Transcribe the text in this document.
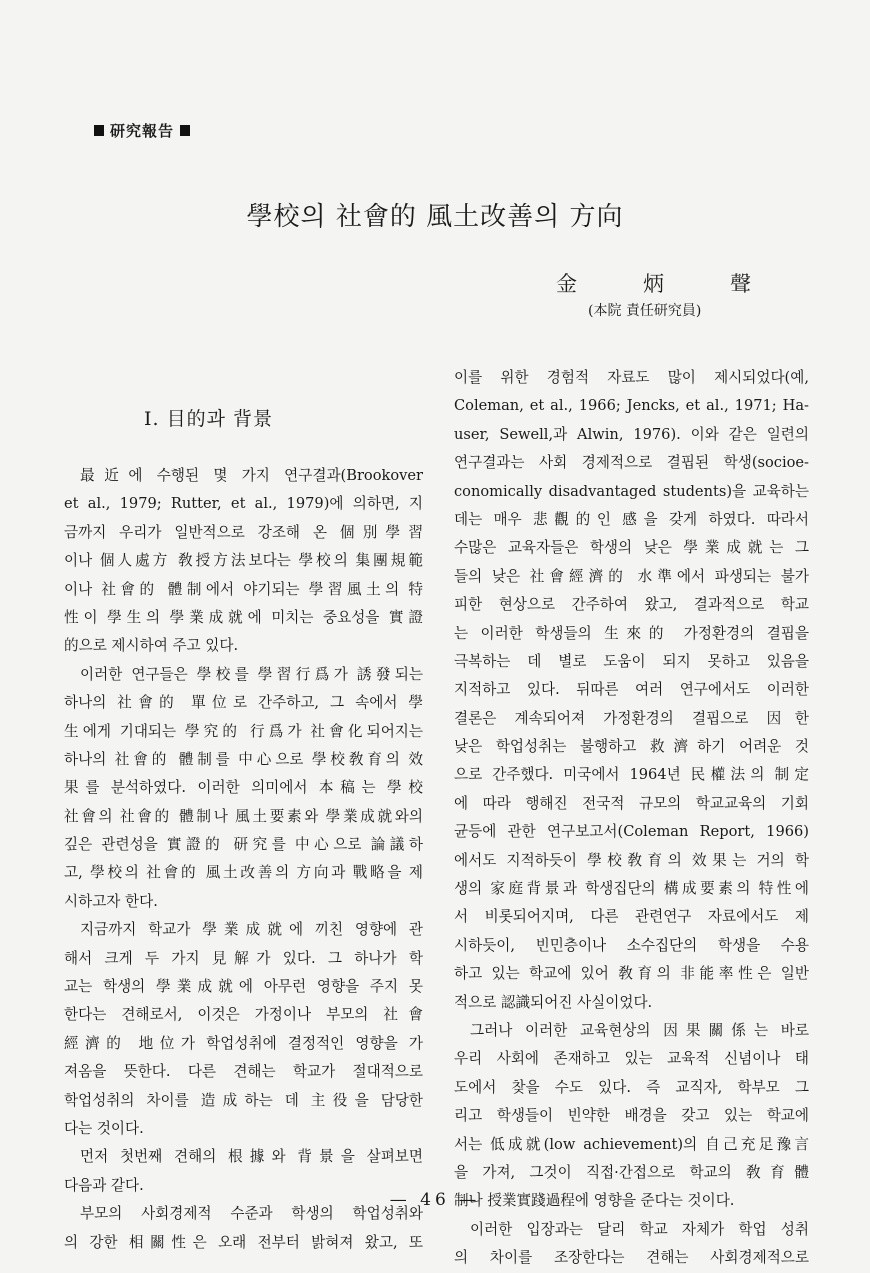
研究報告
學校의 社會的 風土改善의 方向
金	炳	聲
(本院 責任研究員)
Ⅰ. 目的과 背景

最近에 수행된 몇 가지 연구결과(Brookover
et al., 1979; Rutter, et al., 1979)에 의하면, 지
금까지 우리가 일반적으로 강조해 온 個別學習
이나 個人處方 敎授方法보다는 學校의 集團規範
이나 社會的 體制에서 야기되는 學習風土의 特
性이 學生의 學業成就에 미치는 중요성을 實證
的으로 제시하여 주고 있다.

이러한 연구들은 學校를 學習行爲가 誘發되는
하나의 社會的 單位로 간주하고, 그 속에서 學
生에게 기대되는 學究的 行爲가 社會化되어지는
하나의 社會的 體制를 中心으로 學校敎育의 效
果를 분석하였다. 이러한 의미에서 本稿는 學校
社會의 社會的 體制나 風土要素와 學業成就와의
깊은 관련성을 實證的 研究를 中心으로 論議하
고, 學校의 社會的 風土改善의 方向과 戰略을 제
시하고자 한다.

지금까지 학교가 學業成就에 끼친 영향에 관
해서 크게 두 가지 見解가 있다. 그 하나가 학
교는 학생의 學業成就에 아무런 영향을 주지 못
한다는 견해로서, 이것은 가정이나 부모의 社會
經濟的 地位가 학업성취에 결정적인 영향을 가
져옴을 뜻한다. 다른 견해는 학교가 절대적으로
학업성취의 차이를 造成하는 데 主役을 담당한
다는 것이다.

먼저 첫번째 견해의 根據와 背景을 살펴보면
다음과 같다.

부모의 사회경제적 수준과 학생의 학업성취와
의 강한 相關性은 오래 전부터 밝혀져 왔고, 또

이를 위한 경험적 자료도 많이 제시되었다(예,
Coleman, et al., 1966; Jencks, et al., 1971; Ha-
user, Sewell,과 Alwin, 1976). 이와 같은 일련의
연구결과는 사회 경제적으로 결핍된 학생(socioe-
conomically disadvantaged students)을 교육하는
데는 매우 悲觀的인 感을 갖게 하였다. 따라서
수많은 교육자들은 학생의 낮은 學業成就는 그
들의 낮은 社會經濟的 水準에서 파생되는 불가
피한 현상으로 간주하여 왔고, 결과적으로 학교
는 이러한 학생들의 生來的 가정환경의 결핍을
극복하는 데 별로 도움이 되지 못하고 있음을
지적하고 있다. 뒤따른 여러 연구에서도 이러한
결론은 계속되어져 가정환경의 결핍으로 因한
낮은 학업성취는 불행하고 救濟하기 어려운 것
으로 간주했다. 미국에서 1964년 民權法의 制定
에 따라 행해진 전국적 규모의 학교교육의 기회
균등에 관한 연구보고서(Coleman Report, 1966)
에서도 지적하듯이 學校敎育의 效果는 거의 학
생의 家庭背景과 학생집단의 構成要素의 特性에
서 비롯되어지며, 다른 관련연구 자료에서도 제
시하듯이, 빈민층이나 소수집단의 학생을 수용
하고 있는 학교에 있어 敎育의 非能率性은 일반
적으로 認識되어진 사실이었다.

그러나 이러한 교육현상의 因果關係는 바로
우리 사회에 존재하고 있는 교육적 신념이나 태
도에서 찾을 수도 있다. 즉 교직자, 학부모 그
리고 학생들이 빈약한 배경을 갖고 있는 학교에
서는 低成就(low achievement)의 自己充足豫言
을 가져, 그것이 직접·간접으로 학교의 敎育體
制나 授業實踐過程에 영향을 준다는 것이다.

이러한 입장과는 달리 학교 자체가 학업 성취
의 차이를 조장한다는 견해는 사회경제적으로

— 46 —
